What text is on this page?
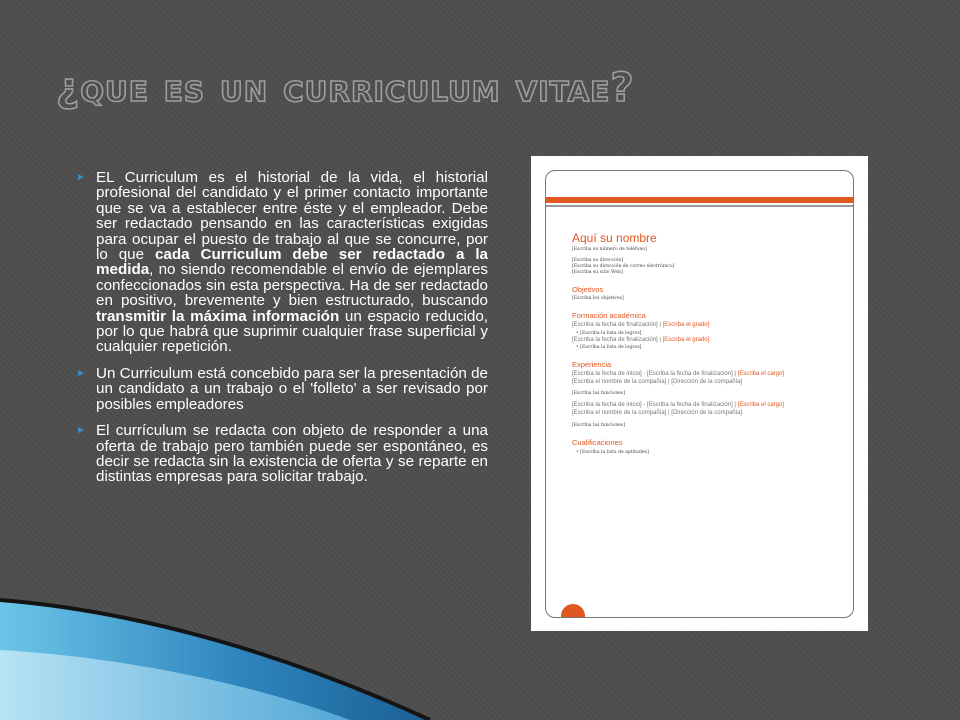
¿que es un curriculum vitae?
► EL Curriculum es el historial de la vida, el historial profesional del candidato y el primer contacto importante que se va a establecer entre éste y el empleador. Debe ser redactado pensando en las características exigidas para ocupar el puesto de trabajo al que se concurre, por lo que cada Curriculum debe ser redactado a la medida, no siendo recomendable el envío de ejemplares confeccionados sin esta perspectiva. Ha de ser redactado en positivo, brevemente y bien estructurado, buscando transmitir la máxima información un espacio reducido, por lo que habrá que suprimir cualquier frase superficial y cualquier repetición.
► Un Curriculum está concebido para ser la presentación de un candidato a un trabajo o el 'folleto' a ser revisado por posibles empleadores
► El currículum se redacta con objeto de responder a una oferta de trabajo pero también puede ser espontáneo, es decir se redacta sin la existencia de oferta y se reparte en distintas empresas para solicitar trabajo.
Aquí su nombre
[Escriba su número de teléfono]
[Escriba su dirección]
[Escriba su dirección de correo electrónico]
[Escriba su sitio Web]
Objetivos
[Escriba los objetivos]
Formación académica
[Escriba la fecha de finalización] | [Escriba el grado]
• [Escriba la lista de logros]
[Escriba la fecha de finalización] | [Escriba el grado]
• [Escriba la lista de logros]
Experiencia
[Escriba la fecha de inicio] - [Escriba la fecha de finalización] | [Escriba el cargo]
[Escriba el nombre de la compañía] | [Dirección de la compañía]
[Escriba las funciones]
[Escriba la fecha de inicio] - [Escriba la fecha de finalización] | [Escriba el cargo]
[Escriba el nombre de la compañía] | [Dirección de la compañía]
[Escriba las funciones]
Cualificaciones
• [Escriba la lista de aptitudes]
